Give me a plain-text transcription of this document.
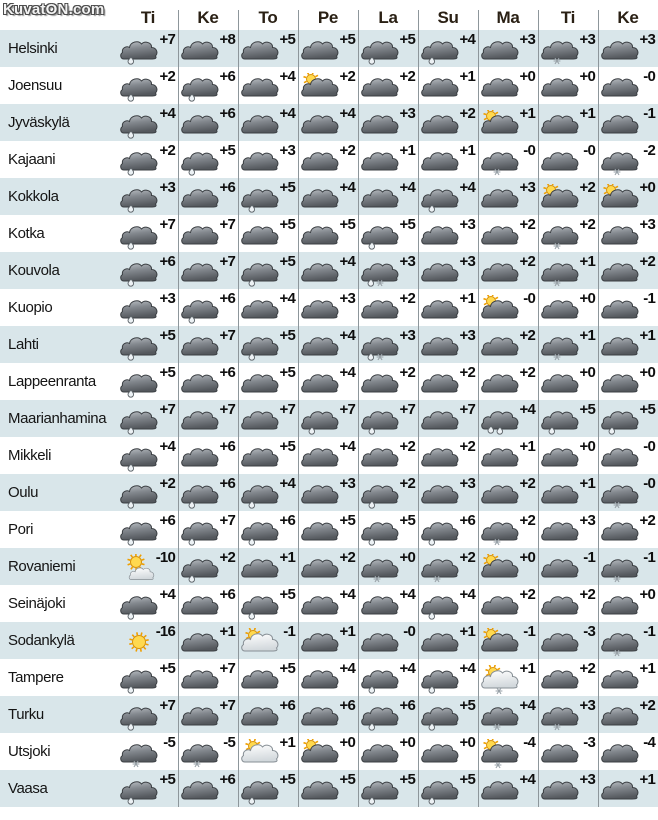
KuvatON.com	Ti	Ke	To	Pe	La	Su	Ma	Ti	Ke
Helsinki
+7	+8	+5	+5	+5	+4	+3	+3	+3
Joensuu
+2	+6	+4	+2	+2	+1	+0	+0	-0
Jyväskylä
+4	+6	+4	+4	+3	+2	+1	+1	-1
Kajaani
+2	+5	+3	+2	+1	+1	-0	-0	-2
Kokkola
+3	+6	+5	+4	+4	+4	+3	+2	+0
Kotka
+7	+7	+5	+5	+5	+3	+2	+2	+3
Kouvola
+6	+7	+5	+4	+3	+3	+2	+1	+2
Kuopio
+3	+6	+4	+3	+2	+1	-0	+0	-1
Lahti
+5	+7	+5	+4	+3	+3	+2	+1	+1
Lappeenranta
+5	+6	+5	+4	+2	+2	+2	+0	+0
Maarianhamina
+7	+7	+7	+7	+7	+7	+4	+5	+5
Mikkeli
+4	+6	+5	+4	+2	+2	+1	+0	-0
Oulu
+2	+6	+4	+3	+2	+3	+2	+1	-0
Pori
+6	+7	+6	+5	+5	+6	+2	+3	+2
Rovaniemi
-10	+2	+1	+2	+0	+2	+0	-1	-1
Seinäjoki
+4	+6	+5	+4	+4	+4	+2	+2	+0
Sodankylä
-16	+1	-1	+1	-0	+1	-1	-3	-1
Tampere
+5	+7	+5	+4	+4	+4	+1	+2	+1
Turku
+7	+7	+6	+6	+6	+5	+4	+3	+2
Utsjoki
-5	-5	+1	+0	+0	+0	-4	-3	-4
Vaasa
+5	+6	+5	+5	+5	+5	+4	+3	+1
